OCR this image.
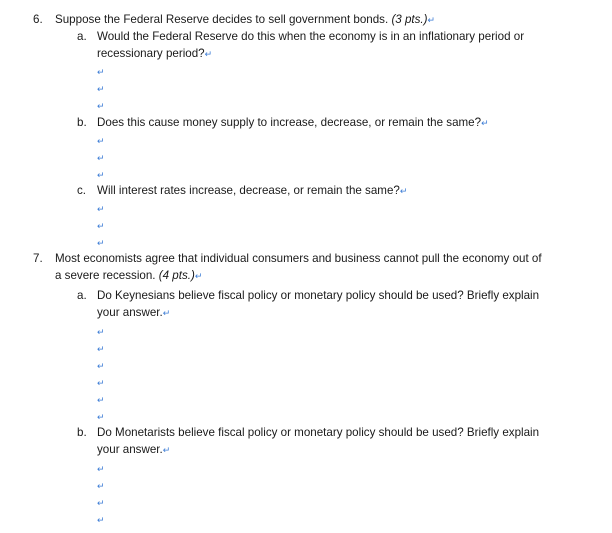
6. Suppose the Federal Reserve decides to sell government bonds. (3 pts.)↵
a. Would the Federal Reserve do this when the economy is in an inflationary period or
recessionary period?↵
↵
↵
↵
b. Does this cause money supply to increase, decrease, or remain the same?↵
↵
↵
↵
c. Will interest rates increase, decrease, or remain the same?↵
↵
↵
↵
7. Most economists agree that individual consumers and business cannot pull the economy out of
a severe recession. (4 pts.)↵
a. Do Keynesians believe fiscal policy or monetary policy should be used? Briefly explain
your answer.↵
↵
↵
↵
↵
↵
↵
b. Do Monetarists believe fiscal policy or monetary policy should be used? Briefly explain
your answer.↵
↵
↵
↵
↵
